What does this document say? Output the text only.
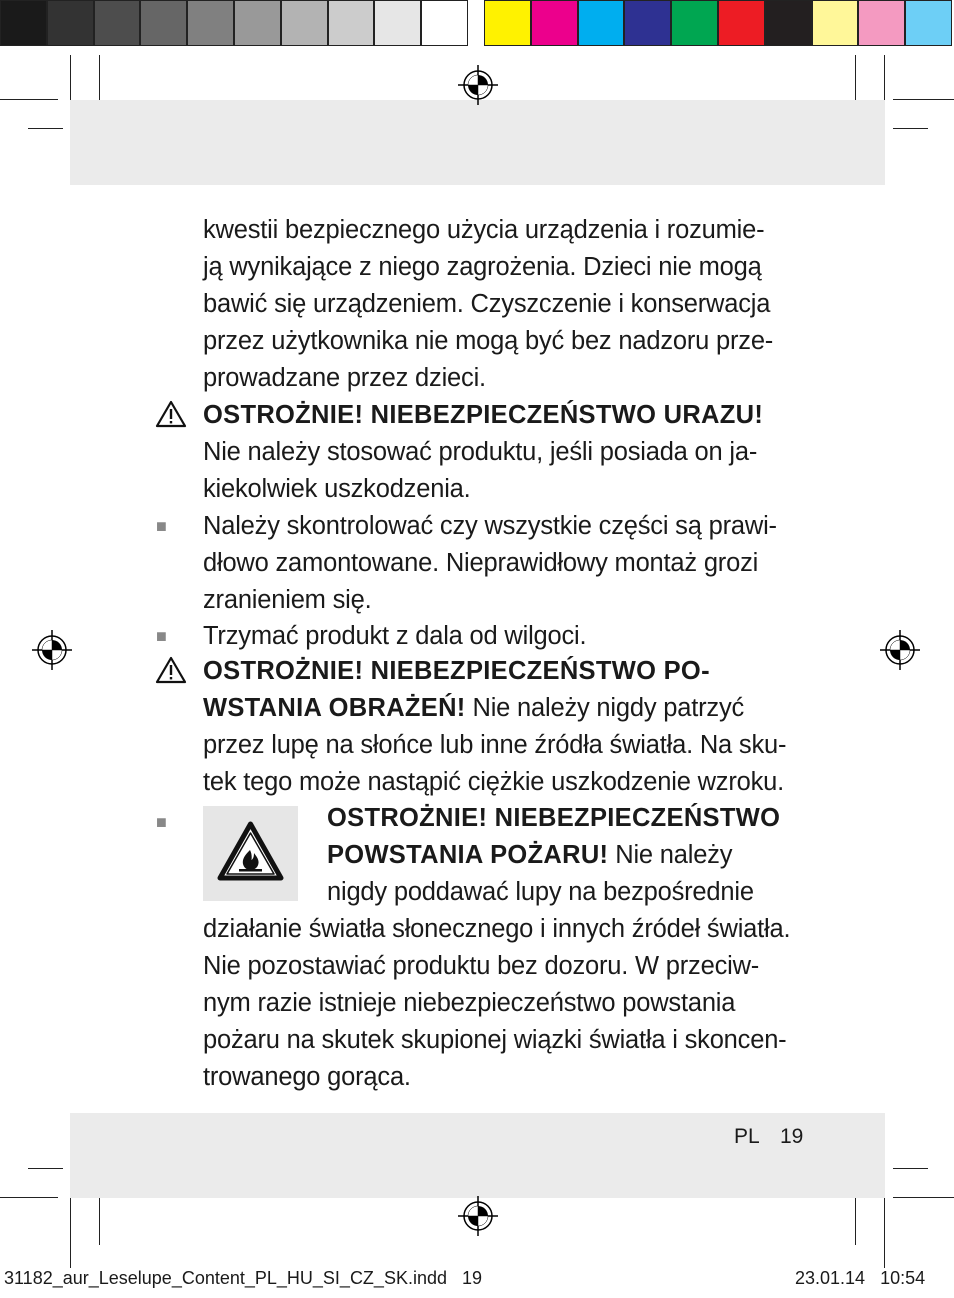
kwestii bezpiecznego użycia urządzenia i rozumie-
ją wynikające z niego zagrożenia. Dzieci nie mogą
bawić się urządzeniem. Czyszczenie i konserwacja
przez użytkownika nie mogą być bez nadzoru prze-
prowadzane przez dzieci.
OSTROŻNIE! NIEBEZPIECZEŃSTWO URAZU!
Nie należy stosować produktu, jeśli posiada on ja-
kiekolwiek uszkodzenia.
■ Należy skontrolować czy wszystkie części są prawi-
dłowo zamontowane. Nieprawidłowy montaż grozi
zranieniem się.
■ Trzymać produkt z dala od wilgoci.
OSTROŻNIE! NIEBEZPIECZEŃSTWO PO-
WSTANIA OBRAŻEŃ! Nie należy nigdy patrzyć
przez lupę na słońce lub inne źródła światła. Na sku-
tek tego może nastąpić ciężkie uszkodzenie wzroku.
■	OSTROŻNIE! NIEBEZPIECZEŃSTWO
POWSTANIA POŻARU! Nie należy
nigdy poddawać lupy na bezpośrednie
działanie światła słonecznego i innych źródeł światła.
Nie pozostawiać produktu bez dozoru. W przeciw-
nym razie istnieje niebezpieczeństwo powstania
pożaru na skutek skupionej wiązki światła i skoncen-
trowanego gorąca.
PL 19
31182_aur_Leselupe_Content_PL_HU_SI_CZ_SK.indd   19	23.01.14   10:54
